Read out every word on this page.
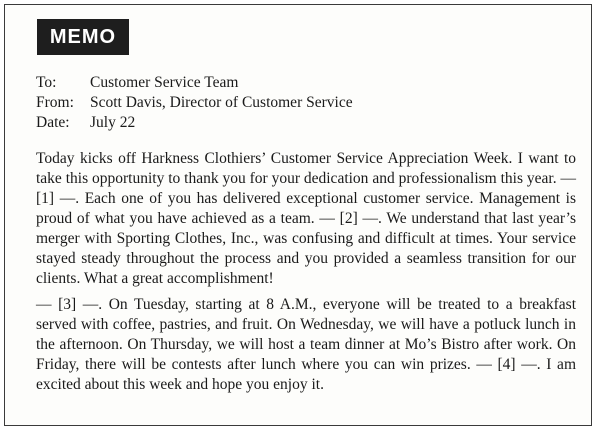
MEMO
To:	Customer Service Team
From:	Scott Davis, Director of Customer Service
Date:	July 22

Today kicks off Harkness Clothiers’ Customer Service Appreciation Week. I want to take this opportunity to thank you for your dedication and professionalism this year. — [1] —. Each one of you has delivered exceptional customer service. Management is proud of what you have achieved as a team. — [2] —. We understand that last year’s merger with Sporting Clothes, Inc., was confusing and difficult at times. Your service stayed steady throughout the process and you provided a seamless transition for our clients. What a great accomplishment!

— [3] —. On Tuesday, starting at 8 A.M., everyone will be treated to a breakfast served with coffee, pastries, and fruit. On Wednesday, we will have a potluck lunch in the afternoon. On Thursday, we will host a team dinner at Mo’s Bistro after work. On Friday, there will be contests after lunch where you can win prizes. — [4] —. I am excited about this week and hope you enjoy it.
